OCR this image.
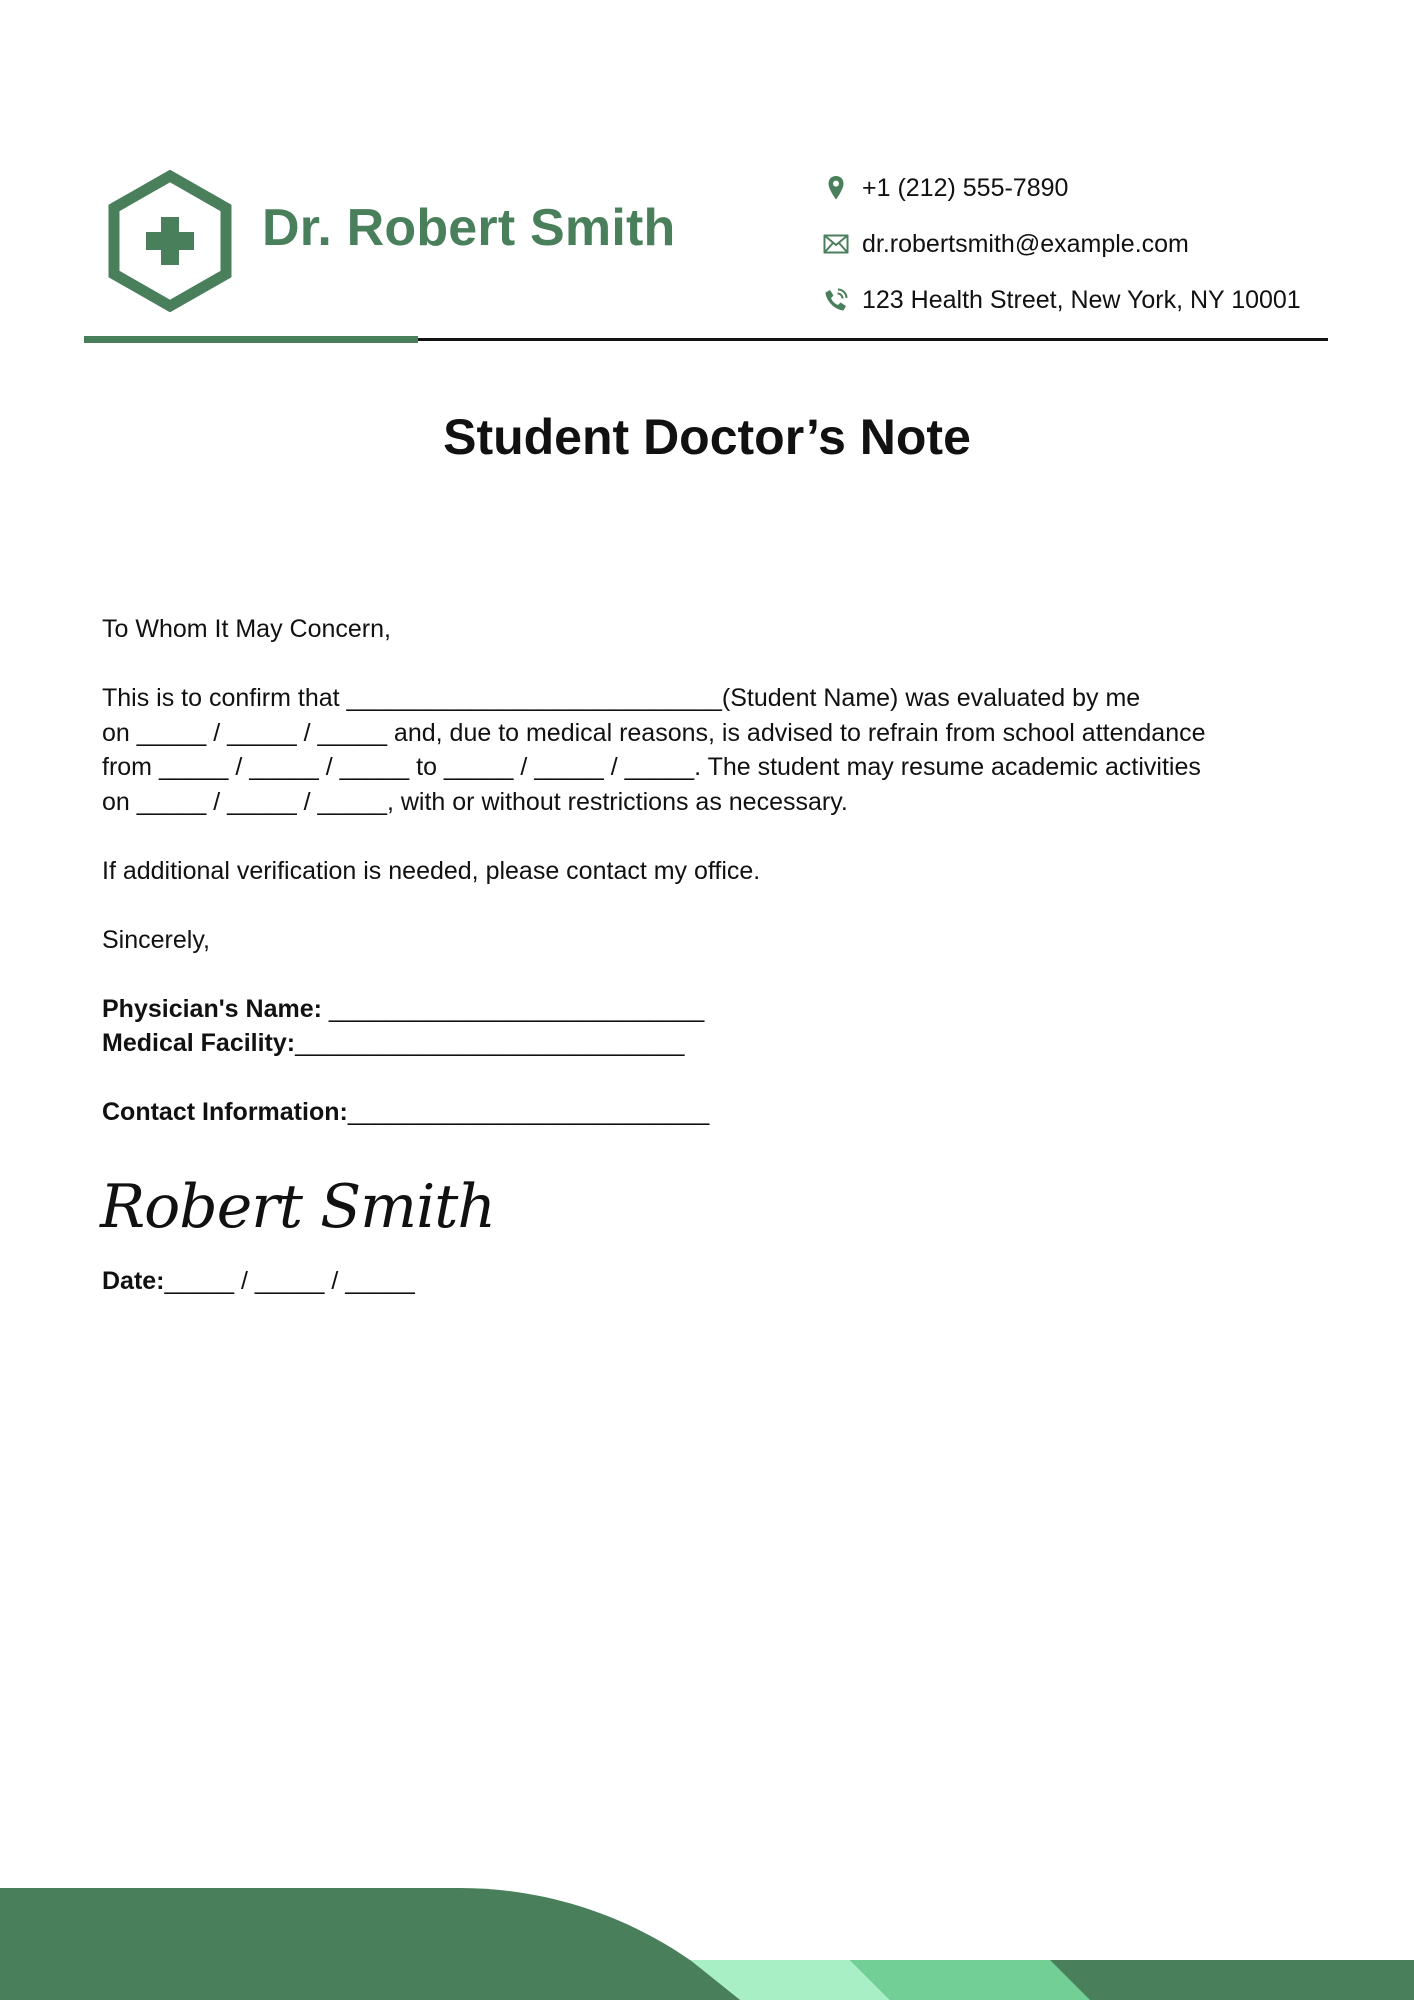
Dr. Robert Smith
+1 (212) 555-7890
dr.robertsmith@example.com
123 Health Street, New York, NY 10001
Student Doctor’s Note

To Whom It May Concern,

This is to confirm that ___________________________(Student Name) was evaluated by me

on _____ / _____ / _____ and, due to medical reasons, is advised to refrain from school attendance

from _____ / _____ / _____ to _____ / _____ / _____. The student may resume academic activities

on _____ / _____ / _____, with or without restrictions as necessary.

If additional verification is needed, please contact my office.

Sincerely,

Physician's Name: ___________________________

Medical Facility:____________________________

Contact Information:__________________________

Robert Smith
Date:_____ / _____ / _____
